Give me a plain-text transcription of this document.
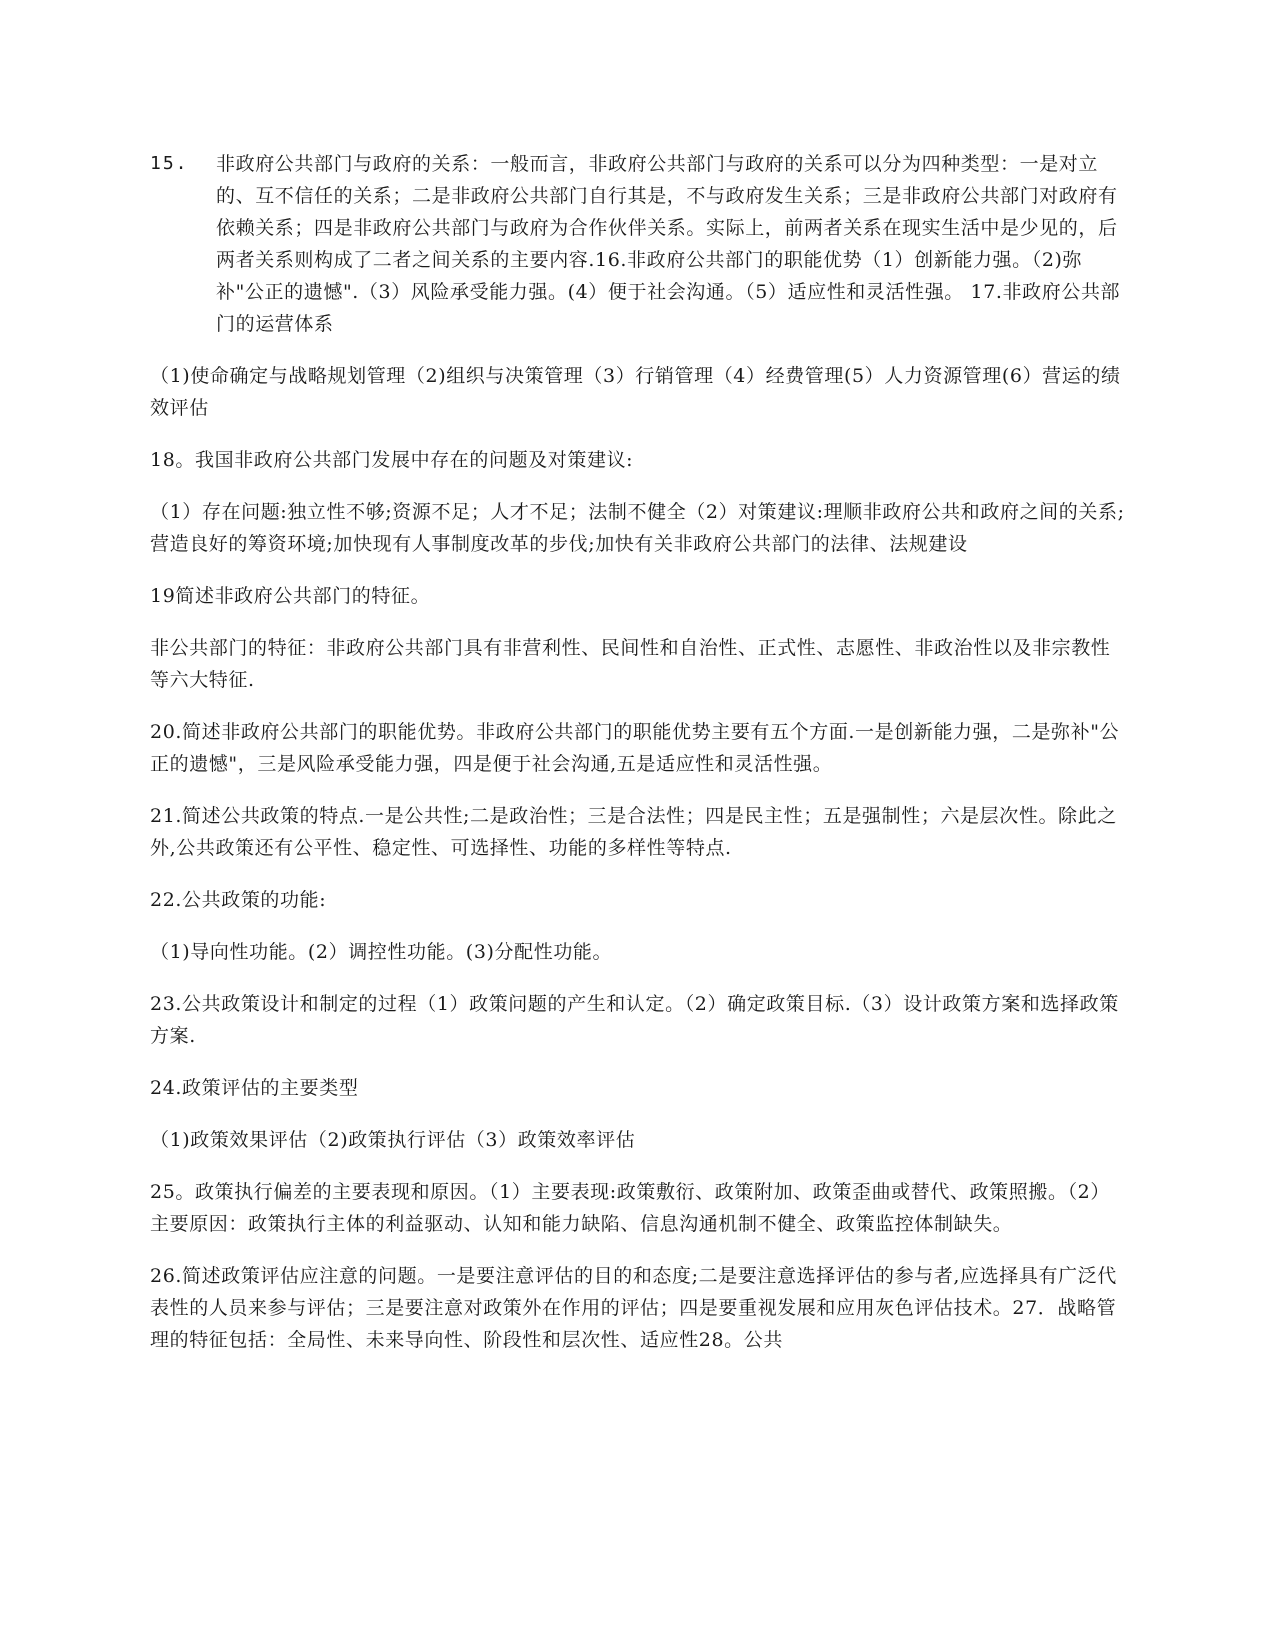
15.	非政府公共部门与政府的关系：一般而言，非政府公共部门与政府的关系可以分为四种类型：一是对立的、互不信任的关系；二是非政府公共部门自行其是，不与政府发生关系；三是非政府公共部门对政府有依赖关系；四是非政府公共部门与政府为合作伙伴关系。实际上，前两者关系在现实生活中是少见的，后两者关系则构成了二者之间关系的主要内容.16.非政府公共部门的职能优势（1）创新能力强。（2)弥补"公正的遗憾".（3）风险承受能力强。(4）便于社会沟通。（5）适应性和灵活性强。 17.非政府公共部门的运营体系

（1)使命确定与战略规划管理（2)组织与决策管理（3）行销管理（4）经费管理(5）人力资源管理(6）营运的绩效评估

18。我国非政府公共部门发展中存在的问题及对策建议:

（1）存在问题:独立性不够;资源不足；人才不足；法制不健全（2）对策建议:理顺非政府公共和政府之间的关系;营造良好的筹资环境;加快现有人事制度改革的步伐;加快有关非政府公共部门的法律、法规建设

19简述非政府公共部门的特征。

非公共部门的特征：非政府公共部门具有非营利性、民间性和自治性、正式性、志愿性、非政治性以及非宗教性等六大特征.

20.简述非政府公共部门的职能优势。非政府公共部门的职能优势主要有五个方面.一是创新能力强，二是弥补"公正的遗憾"，三是风险承受能力强，四是便于社会沟通,五是适应性和灵活性强。

21.简述公共政策的特点.一是公共性;二是政治性；三是合法性；四是民主性；五是强制性；六是层次性。除此之外,公共政策还有公平性、稳定性、可选择性、功能的多样性等特点.

22.公共政策的功能:

（1)导向性功能。(2）调控性功能。(3)分配性功能。

23.公共政策设计和制定的过程（1）政策问题的产生和认定。（2）确定政策目标.（3）设计政策方案和选择政策方案.

24.政策评估的主要类型

（1)政策效果评估（2)政策执行评估（3）政策效率评估

25。政策执行偏差的主要表现和原因。（1）主要表现:政策敷衍、政策附加、政策歪曲或替代、政策照搬。（2）主要原因：政策执行主体的利益驱动、认知和能力缺陷、信息沟通机制不健全、政策监控体制缺失。

26.简述政策评估应注意的问题。一是要注意评估的目的和态度;二是要注意选择评估的参与者,应选择具有广泛代表性的人员来参与评估；三是要注意对政策外在作用的评估；四是要重视发展和应用灰色评估技术。27．战略管理的特征包括：全局性、未来导向性、阶段性和层次性、适应性28。公共
